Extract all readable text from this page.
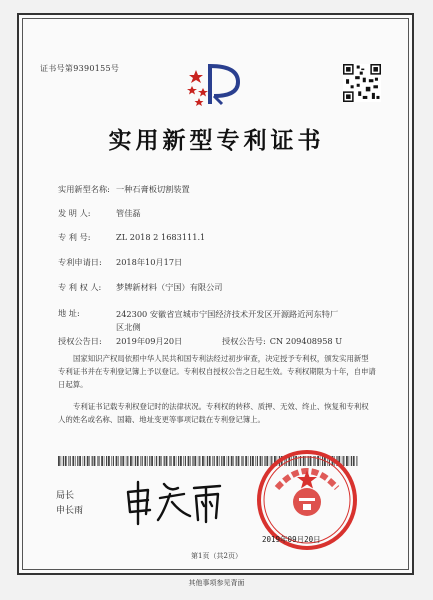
证书号第9390155号
实用新型专利证书
实用新型名称: 一种石膏板切割装置
发 明 人:	管佳磊
专 利 号:	ZL 2018 2 1683111.1
专利申请日: 2018年10月17日
专 利 权 人: 梦牌新材料（宁国）有限公司
地 址:	242300 安徽省宣城市宁国经济技术开发区开源路近河东特厂区北侧
授权公告日: 2019年09月20日	授权公告号: CN 209408958 U
国家知识产权局依照中华人民共和国专利法经过初步审查，决定授予专利权，颁发实用新型专利证书并在专利登记簿上予以登记。专利权自授权公告之日起生效。专利权期限为十年，自申请日起算。
专利证书记载专利权登记时的法律状况。专利权的转移、质押、无效、终止、恢复和专利权人的姓名或名称、国籍、地址变更等事项记载在专利登记簿上。
局长
申长雨
2019年09月20日
第1页（共2页）
其他事项参见背面
